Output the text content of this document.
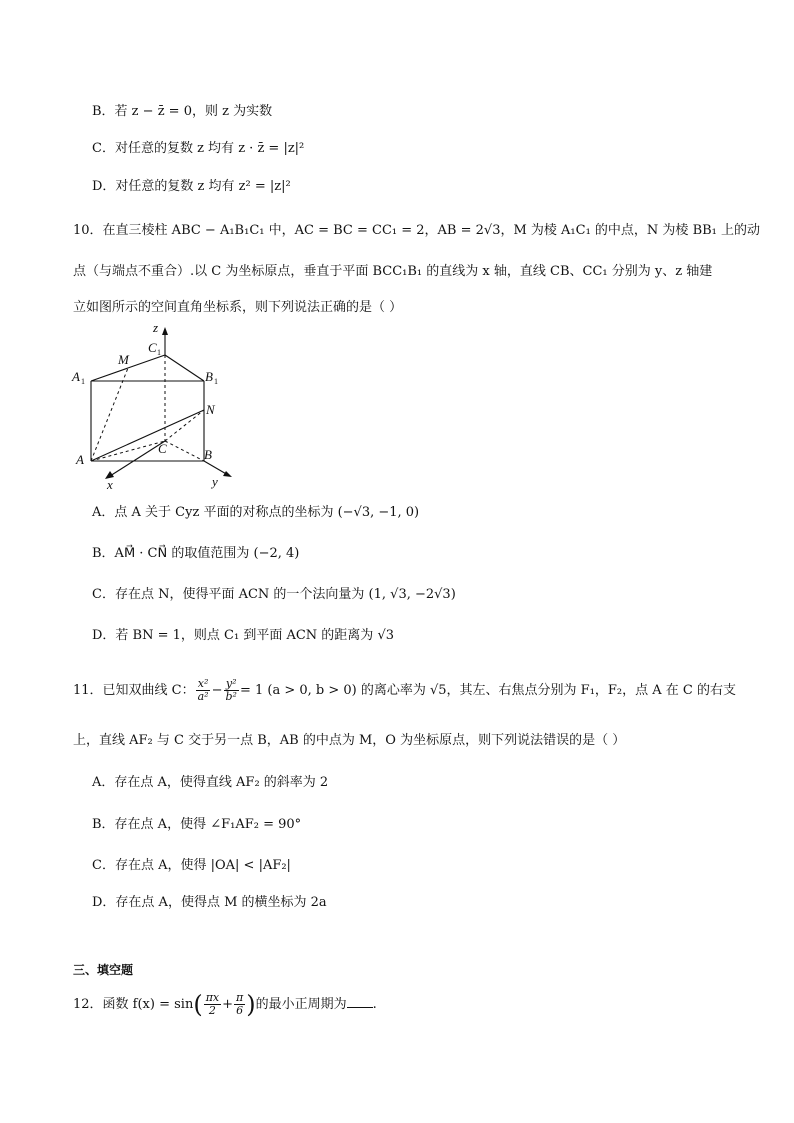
B．若 z − z̄ = 0，则 z 为实数
C．对任意的复数 z 均有 z · z̄ = |z|²
D．对任意的复数 z 均有 z² = |z|²
10．在直三棱柱 ABC − A₁B₁C₁ 中，AC = BC = CC₁ = 2，AB = 2√3，M 为棱 A₁C₁ 的中点，N 为棱 BB₁ 上的动
点（与端点不重合）.以 C 为坐标原点，垂直于平面 BCC₁B₁ 的直线为 x 轴，直线 CB、CC₁ 分别为 y、z 轴建
立如图所示的空间直角坐标系，则下列说法正确的是（ ）
z
C 1
M
A 1	B 1
N
C
A	B
x	y
A．点 A 关于 Cyz 平面的对称点的坐标为 (−√3, −1, 0)
B．AM⃗ · CN⃗ 的取值范围为 (−2, 4)
C．存在点 N，使得平面 ACN 的一个法向量为 (1, √3, −2√3)
D．若 BN = 1，则点 C₁ 到平面 ACN 的距离为 √3
11．已知双曲线 C： $\frac{\text{x²}}{\text{a²}} - \frac{\text{y²}}{\text{b²}} = 1$ (a > 0, b > 0) 的离心率为 √5，其左、右焦点分别为 F₁，F₂，点 A 在 C 的右支
上，直线 AF₂ 与 C 交于另一点 B，AB 的中点为 M，O 为坐标原点，则下列说法错误的是（ ）
A．存在点 A，使得直线 AF₂ 的斜率为 2
B．存在点 A，使得 ∠F₁AF₂ = 90°
C．存在点 A，使得 |OA| < |AF₂|
D．存在点 A，使得点 M 的横坐标为 2a
三、填空题
12．函数 $f(x) = \sin( \frac{\pi x}{2} + \frac{\pi}{6}$ )的最小正周期为 .
